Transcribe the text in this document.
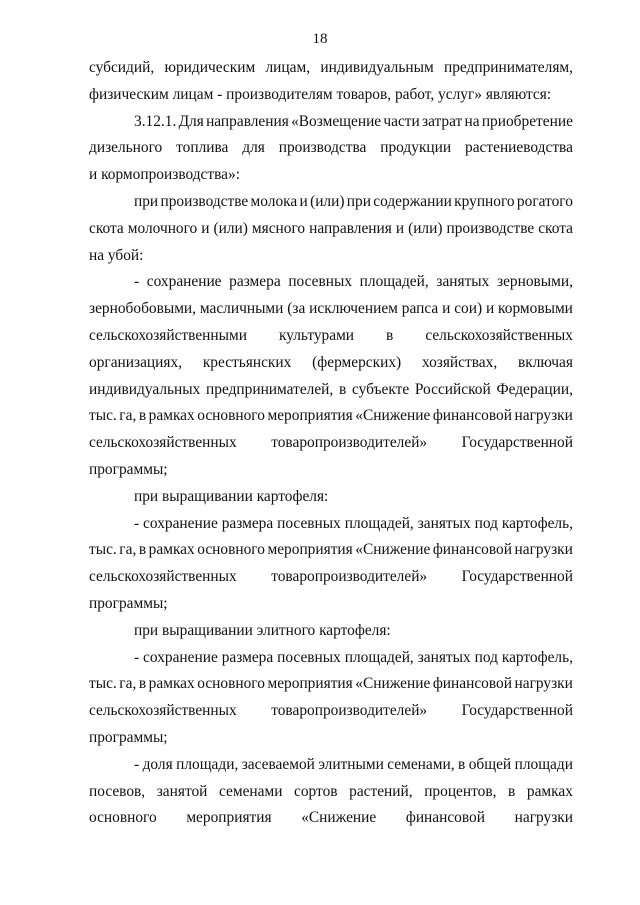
18
субсидий, юридическим лицам, индивидуальным предпринимателям,
физическим лицам - производителям товаров, работ, услуг» являются:
3.12.1. Для направления «Возмещение части затрат на приобретение
дизельного топлива для производства продукции растениеводства
и кормопроизводства»:
при производстве молока и (или) при содержании крупного рогатого
скота молочного и (или) мясного направления и (или) производстве скота
на убой:
- сохранение размера посевных площадей, занятых зерновыми,
зернобобовыми, масличными (за исключением рапса и сои) и кормовыми
сельскохозяйственными культурами в сельскохозяйственных
организациях, крестьянских (фермерских) хозяйствах, включая
индивидуальных предпринимателей, в субъекте Российской Федерации,
тыс. га, в рамках основного мероприятия «Снижение финансовой нагрузки
сельскохозяйственных товаропроизводителей» Государственной
программы;
при выращивании картофеля:
- сохранение размера посевных площадей, занятых под картофель,
тыс. га, в рамках основного мероприятия «Снижение финансовой нагрузки
сельскохозяйственных товаропроизводителей» Государственной
программы;
при выращивании элитного картофеля:
- сохранение размера посевных площадей, занятых под картофель,
тыс. га, в рамках основного мероприятия «Снижение финансовой нагрузки
сельскохозяйственных товаропроизводителей» Государственной
программы;
- доля площади, засеваемой элитными семенами, в общей площади
посевов, занятой семенами сортов растений, процентов, в рамках
основного мероприятия «Снижение финансовой нагрузки
